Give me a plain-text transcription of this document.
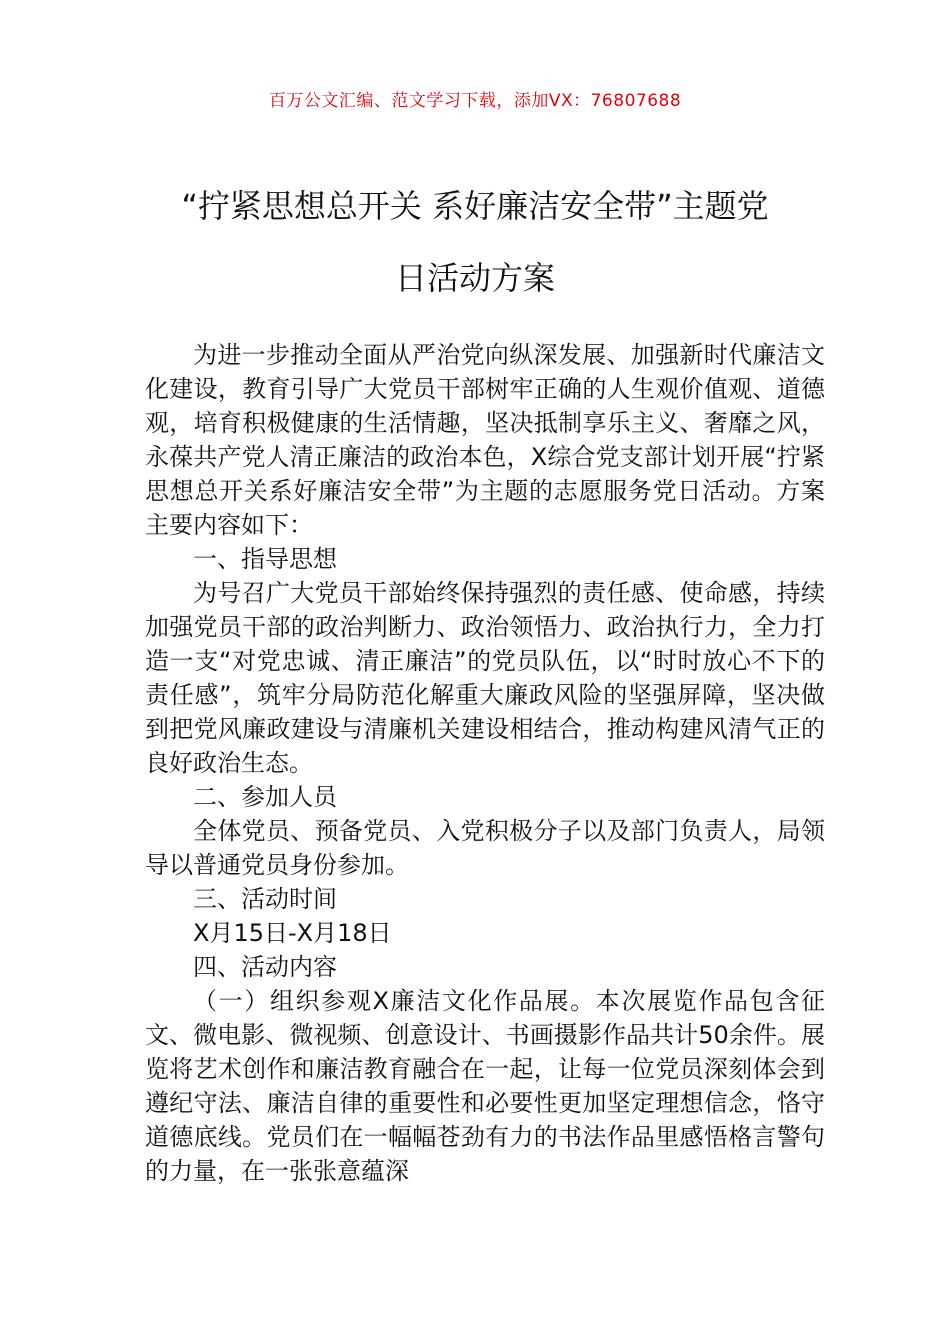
百万公文汇编、范文学习下载，添加VX：76807688
“拧紧思想总开关 系好廉洁安全带”主题党
日活动方案

为进一步推动全面从严治党向纵深发展、加强新时代廉洁文化建设，教育引导广大党员干部树牢正确的人生观价值观、道德观，培育积极健康的生活情趣，坚决抵制享乐主义、奢靡之风，永葆共产党人清正廉洁的政治本色，X综合党支部计划开展“拧紧思想总开关系好廉洁安全带”为主题的志愿服务党日活动。方案主要内容如下：

一、指导思想

为号召广大党员干部始终保持强烈的责任感、使命感，持续加强党员干部的政治判断力、政治领悟力、政治执行力，全力打造一支“对党忠诚、清正廉洁”的党员队伍，以“时时放心不下的责任感”，筑牢分局防范化解重大廉政风险的坚强屏障，坚决做到把党风廉政建设与清廉机关建设相结合，推动构建风清气正的良好政治生态。

二、参加人员

全体党员、预备党员、入党积极分子以及部门负责人，局领导以普通党员身份参加。

三、活动时间

X月15日-X月18日

四、活动内容

（一）组织参观X廉洁文化作品展。本次展览作品包含征文、微电影、微视频、创意设计、书画摄影作品共计50余件。展览将艺术创作和廉洁教育融合在一起，让每一位党员深刻体会到遵纪守法、廉洁自律的重要性和必要性更加坚定理想信念，恪守道德底线。党员们在一幅幅苍劲有力的书法作品里感悟格言警句的力量，在一张张意蕴深
